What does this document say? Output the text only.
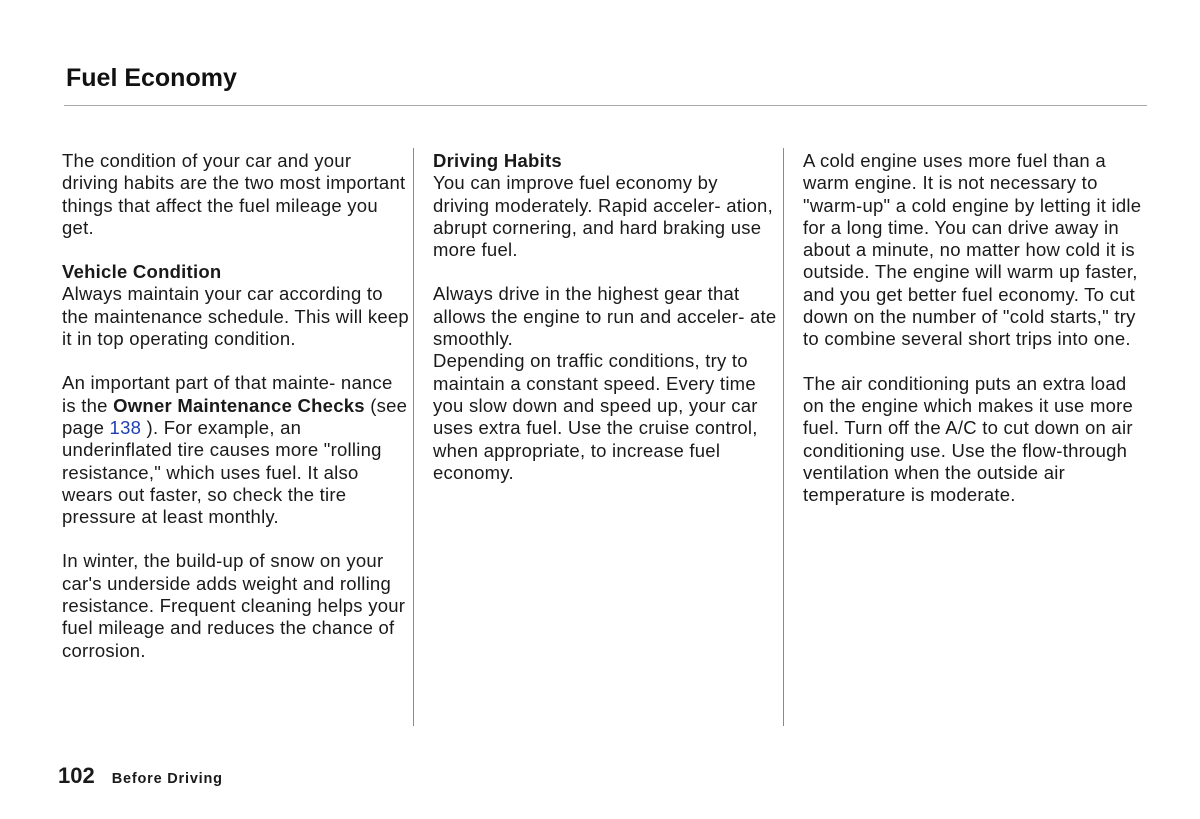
Fuel Economy

The condition of your car and your driving habits are the two most important things that affect the fuel mileage you get.

Vehicle Condition

Always maintain your car according to the maintenance schedule. This will keep it in top operating condition.

An important part of that mainte- nance is the Owner Maintenance Checks (see page 138 ). For example, an underinflated tire causes more "rolling resistance," which uses fuel. It also wears out faster, so check the tire pressure at least monthly.

In winter, the build-up of snow on your car's underside adds weight and rolling resistance. Frequent cleaning helps your fuel mileage and reduces the chance of corrosion.

Driving Habits

You can improve fuel economy by driving moderately. Rapid acceler- ation, abrupt cornering, and hard braking use more fuel.

Always drive in the highest gear that allows the engine to run and acceler- ate smoothly.

Depending on traffic conditions, try to maintain a constant speed. Every time you slow down and speed up, your car uses extra fuel. Use the cruise control, when appropriate, to increase fuel economy.

A cold engine uses more fuel than a warm engine. It is not necessary to "warm-up" a cold engine by letting it idle for a long time. You can drive away in about a minute, no matter how cold it is outside. The engine will warm up faster, and you get better fuel economy. To cut down on the number of "cold starts," try to combine several short trips into one.

The air conditioning puts an extra load on the engine which makes it use more fuel. Turn off the A/C to cut down on air conditioning use. Use the flow-through ventilation when the outside air temperature is moderate.

102 Before Driving
